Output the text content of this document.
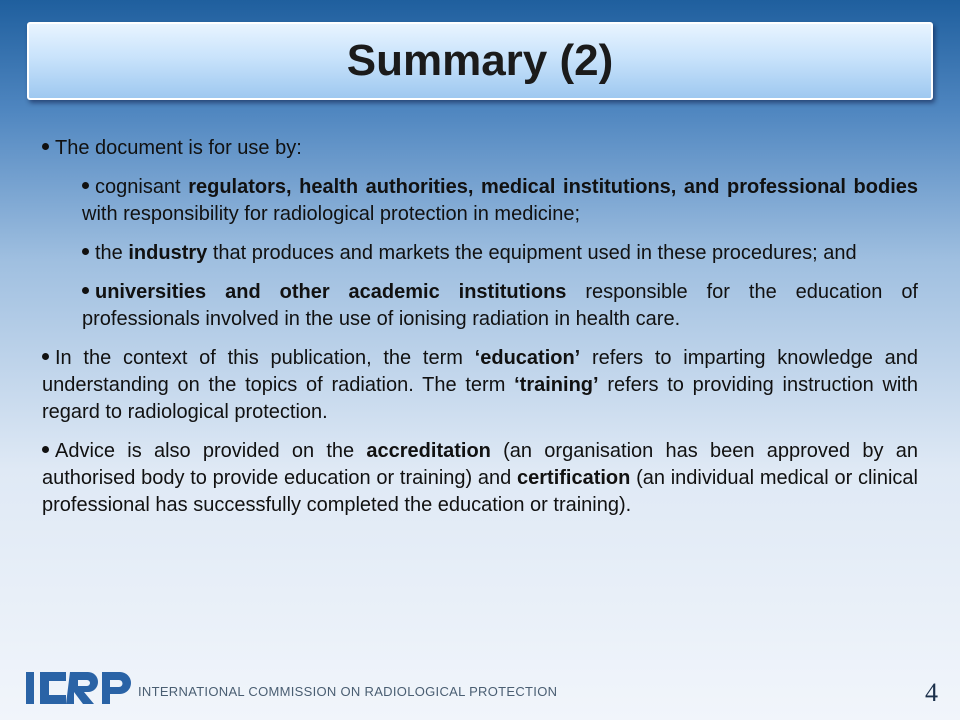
Summary (2)

The document is for use by:

cognisant regulators, health authorities, medical institutions, and professional bodies with responsibility for radiological protection in medicine;

the industry that produces and markets the equipment used in these procedures; and

universities and other academic institutions responsible for the education of professionals involved in the use of ionising radiation in health care.

In the context of this publication, the term ‘education’ refers to imparting knowledge and understanding on the topics of radiation. The term ‘training’ refers to providing instruction with regard to radiological protection.

Advice is also provided on the accreditation (an organisation has been approved by an authorised body to provide education or training) and certification (an individual medical or clinical professional has successfully completed the education or training).

INTERNATIONAL COMMISSION ON RADIOLOGICAL PROTECTION	4
